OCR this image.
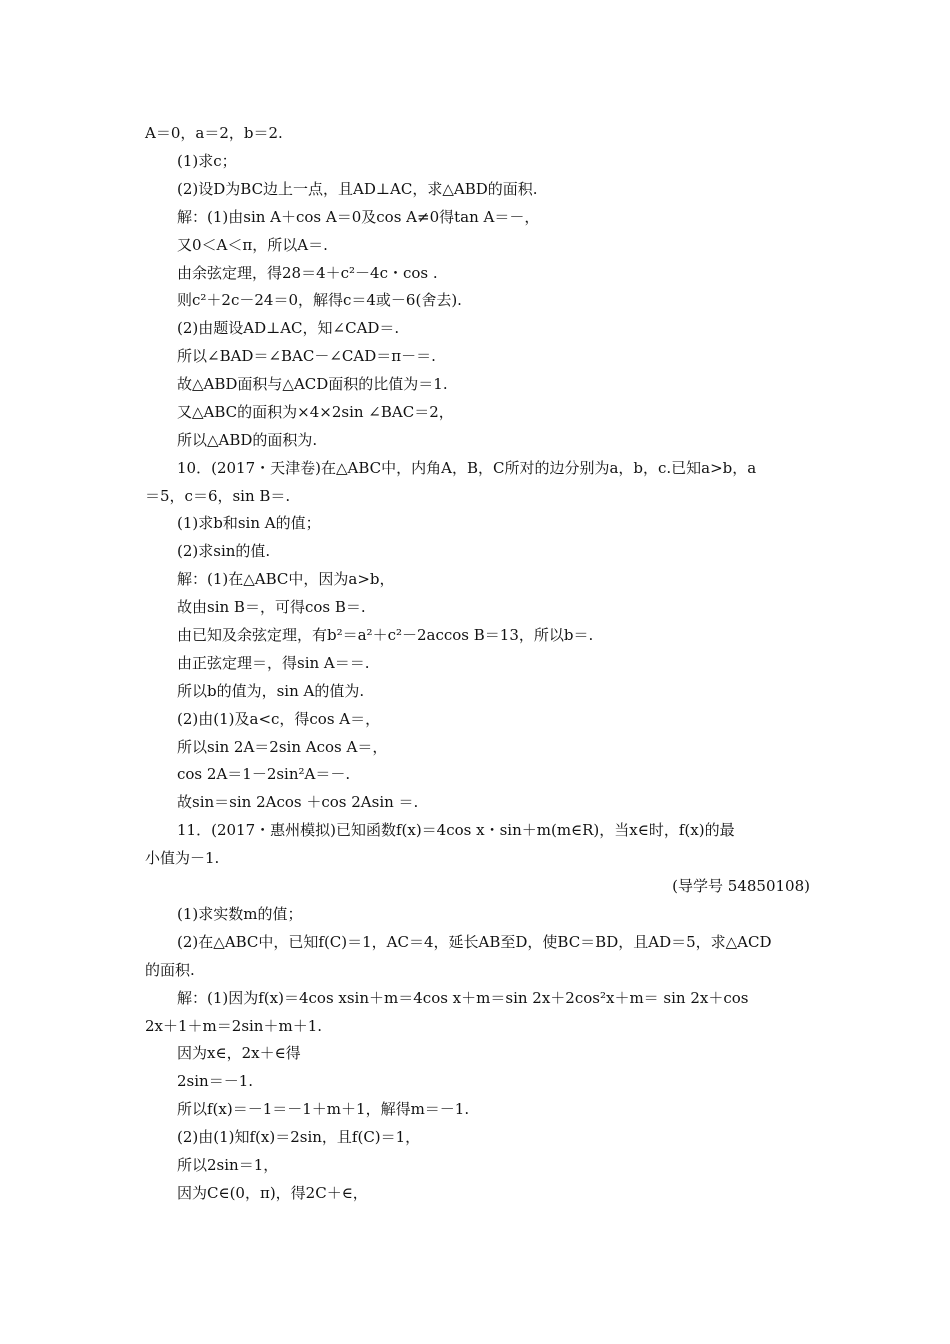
A＝0，a＝2，b＝2.
(1)求c；
(2)设D为BC边上一点，且AD⊥AC，求△ABD的面积.
解：(1)由sin A＋cos A＝0及cos A≠0得tan A＝－，
又0＜A＜π，所以A＝.
由余弦定理，得28＝4＋c²－4c・cos .
则c²＋2c－24＝0，解得c＝4或－6(舍去).
(2)由题设AD⊥AC，知∠CAD＝.
所以∠BAD＝∠BAC－∠CAD＝π－＝.
故△ABD面积与△ACD面积的比值为＝1.
又△ABC的面积为×4×2sin ∠BAC＝2，
所以△ABD的面积为.
10．(2017・天津卷)在△ABC中，内角A，B，C所对的边分别为a，b，c.已知a>b，a
＝5，c＝6，sin B＝.
(1)求b和sin A的值；
(2)求sin的值.
解：(1)在△ABC中，因为a>b，
故由sin B＝，可得cos B＝.
由已知及余弦定理，有b²＝a²＋c²－2accos B＝13，所以b＝.
由正弦定理＝，得sin A＝＝.
所以b的值为，sin A的值为.
(2)由(1)及a<c，得cos A＝，
所以sin 2A＝2sin Acos A＝，
cos 2A＝1－2sin²A＝－.
故sin＝sin 2Acos ＋cos 2Asin ＝.
11．(2017・惠州模拟)已知函数f(x)＝4cos x・sin＋m(m∈R)，当x∈时，f(x)的最
小值为－1.
(导学号 54850108)
(1)求实数m的值；
(2)在△ABC中，已知f(C)＝1，AC＝4，延长AB至D，使BC＝BD，且AD＝5，求△ACD
的面积.
解：(1)因为f(x)＝4cos xsin＋m＝4cos x＋m＝sin 2x＋2cos²x＋m＝ sin 2x＋cos
2x＋1＋m＝2sin＋m＋1.
因为x∈，2x＋∈得
2sin＝－1.
所以f(x)＝－1＝－1＋m＋1，解得m＝－1.
(2)由(1)知f(x)＝2sin，且f(C)＝1，
所以2sin＝1，
因为C∈(0，π)，得2C＋∈，
